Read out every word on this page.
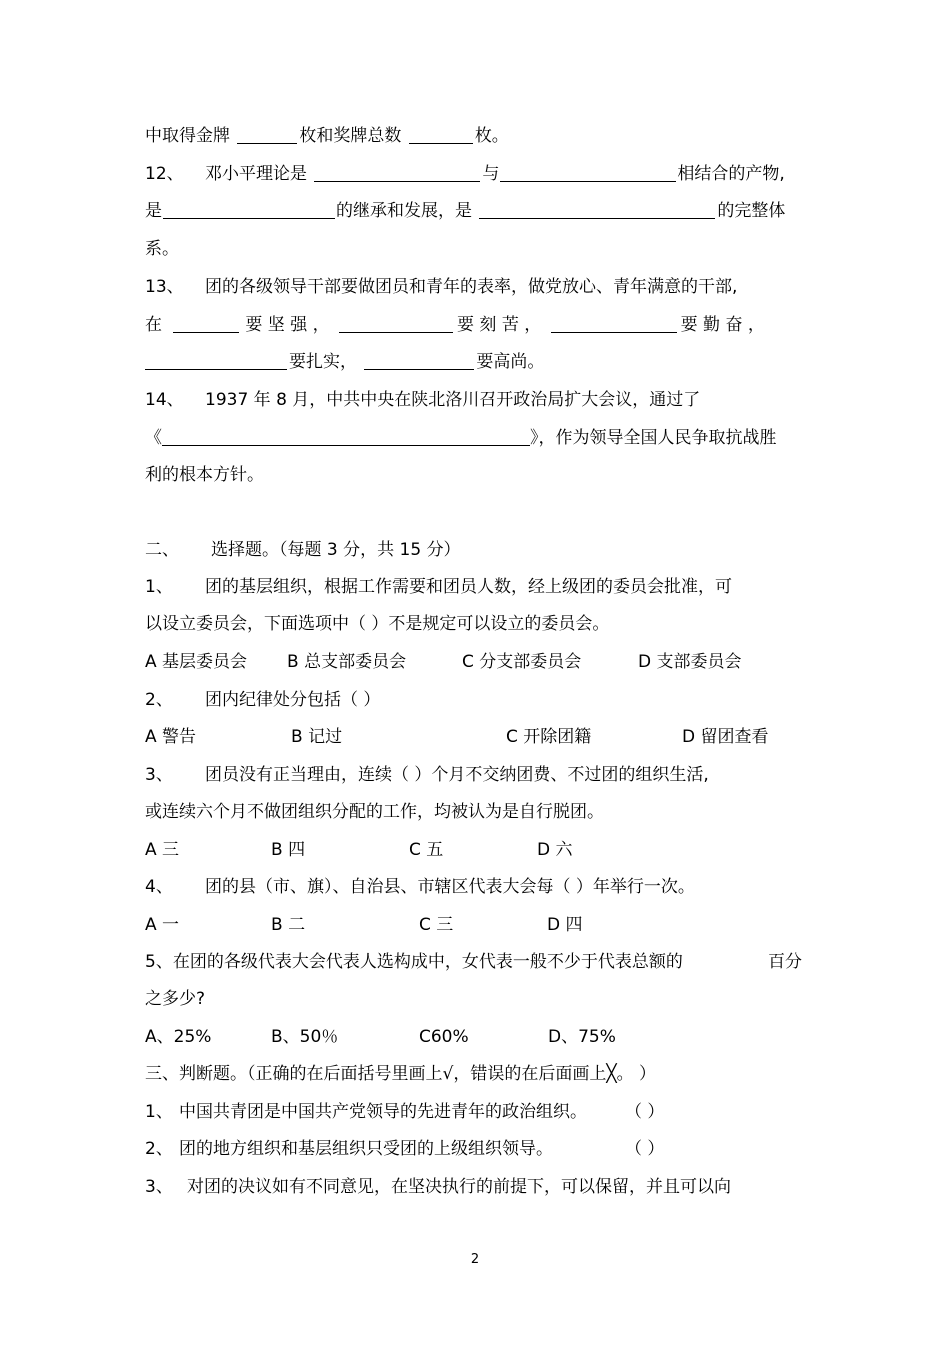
中取得金牌	枚和奖牌总数	枚。
12、 邓小平理论是	与	相结合的产物,
是	的继承和发展，是	的完整体
系。
13、 团的各级领导干部要做团员和青年的表率，做党放心、青年满意的干部,
在	要 坚 强 ，	要 刻 苦 ，	要 勤 奋 ，
要扎实，	要高尚。
14、 1937 年 8 月，中共中央在陕北洛川召开政治局扩大会议，通过了
《	》，作为领导全国人民争取抗战胜
利的根本方针。
二、 选择题。（每题 3 分，共 15 分）
1、 团的基层组织，根据工作需要和团员人数，经上级团的委员会批准，可
以设立委员会，下面选项中（ ）不是规定可以设立的委员会。
A 基层委员会 B 总支部委员会	C 分支部委员会	D 支部委员会
2、 团内纪律处分包括（ ）
A 警告	B 记过	C 开除团籍	D 留团查看
3、 团员没有正当理由，连续（ ）个月不交纳团费、不过团的组织生活,
或连续六个月不做团组织分配的工作，均被认为是自行脱团。
A 三	B 四	C 五	D 六
4、 团的县（市、旗）、自治县、市辖区代表大会每（ ）年举行一次。
A 一	B 二	C 三	D 四
5、在团的各级代表大会代表人选构成中，女代表一般不少于代表总额的	百分
之多少?
A、25%	B、50％	C60%	D、75%
三、判断题。（正确的在后面括号里画上√，错误的在后面画上╳。 ）
1、 中国共青团是中国共产党领导的先进青年的政治组织。 （ ）
2、 团的地方组织和基层组织只受团的上级组织领导。	（ ）
3、 对团的决议如有不同意见，在坚决执行的前提下，可以保留，并且可以向
2
